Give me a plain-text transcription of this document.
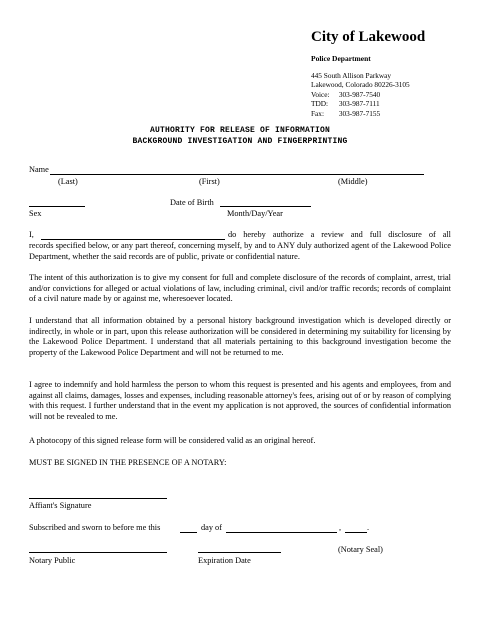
City of Lakewood
Police Department
445 South Allison Parkway
Lakewood, Colorado 80226-3105
Voice: 303-987-7540
TDD: 303-987-7111
Fax: 303-987-7155
AUTHORITY FOR RELEASE OF INFORMATION
BACKGROUND INVESTIGATION AND FINGERPRINTING
Name
(Last)	(First)	(Middle)
Date of Birth
Sex	Month/Day/Year
I,	do hereby authorize a review and full disclosure of all
records specified below, or any part thereof, concerning myself, by and to ANY duly authorized agent of the Lakewood Police Department, whether the said records are of public, private or confidential nature.
The intent of this authorization is to give my consent for full and complete disclosure of the records of complaint, arrest, trial and/or convictions for alleged or actual violations of law, including criminal, civil and/or traffic records; records of complaint of a civil nature made by or against me, wheresoever located.
I understand that all information obtained by a personal history background investigation which is developed directly or indirectly, in whole or in part, upon this release authorization will be considered in determining my suitability for licensing by the Lakewood Police Department. I understand that all materials pertaining to this background investigation become the property of the Lakewood Police Department and will not be returned to me.
I agree to indemnify and hold harmless the person to whom this request is presented and his agents and employees, from and against all claims, damages, losses and expenses, including reasonable attorney's fees, arising out of or by reason of complying with this request. I further understand that in the event my application is not approved, the sources of confidential information will not be revealed to me.
A photocopy of this signed release form will be considered valid as an original hereof.
MUST BE SIGNED IN THE PRESENCE OF A NOTARY:
Affiant's Signature
Subscribed and sworn to before me this	day of	,	.
(Notary Seal)
Notary Public	Expiration Date
